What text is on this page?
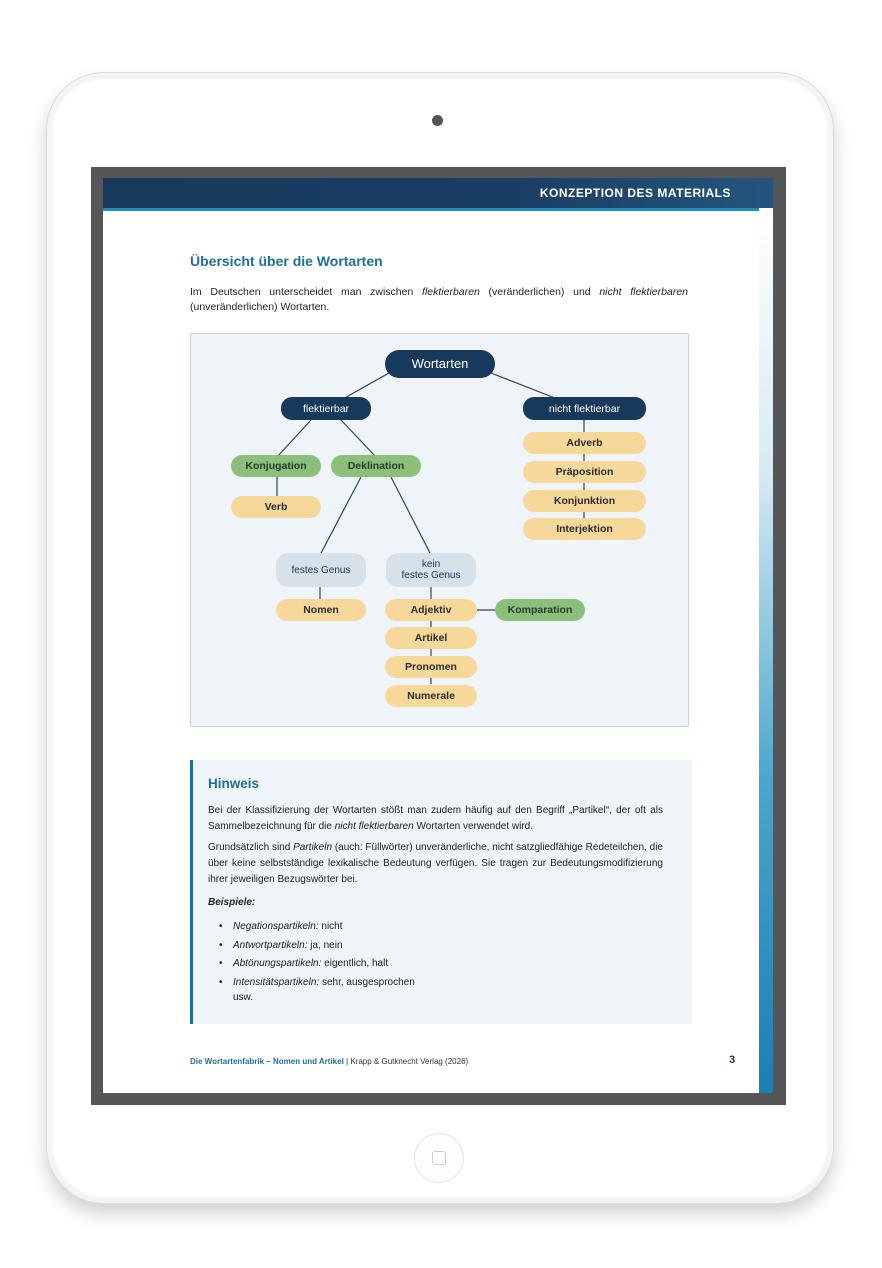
KONZEPTION DES MATERIALS
Übersicht über die Wortarten
Im Deutschen unterscheidet man zwischen flektierbaren (veränderlichen) und nicht flektierbaren (unveränderlichen) Wortarten.
Wortarten
flektierbar	nicht flektierbar
Konjugation	Deklination
Verb
festes Genus	kein
festes Genus
Nomen	Adjektiv	Komparation
Artikel
Pronomen
Numerale
Adverb
Präposition
Konjunktion
Interjektion
Hinweis
Bei der Klassifizierung der Wortarten stößt man zudem häufig auf den Begriff „Partikel“, der oft als Sammelbezeichnung für die nicht flektierbaren Wortarten verwendet wird.
Grundsätzlich sind Partikeln (auch: Füllwörter) unveränderliche, nicht satzgliedfähige Redeteilchen, die über keine selbstständige lexikalische Bedeutung verfügen. Sie tragen zur Bedeutungsmodifizierung ihrer jeweiligen Bezugswörter bei.
Beispiele:
• Negationspartikeln: nicht
• Antwortpartikeln: ja, nein
• Abtönungspartikeln: eigentlich, halt
• Intensitätspartikeln: sehr, ausgesprochen
usw.
Die Wortartenfabrik – Nomen und Artikel | Krapp & Gutknecht Verlag (2026)	3
